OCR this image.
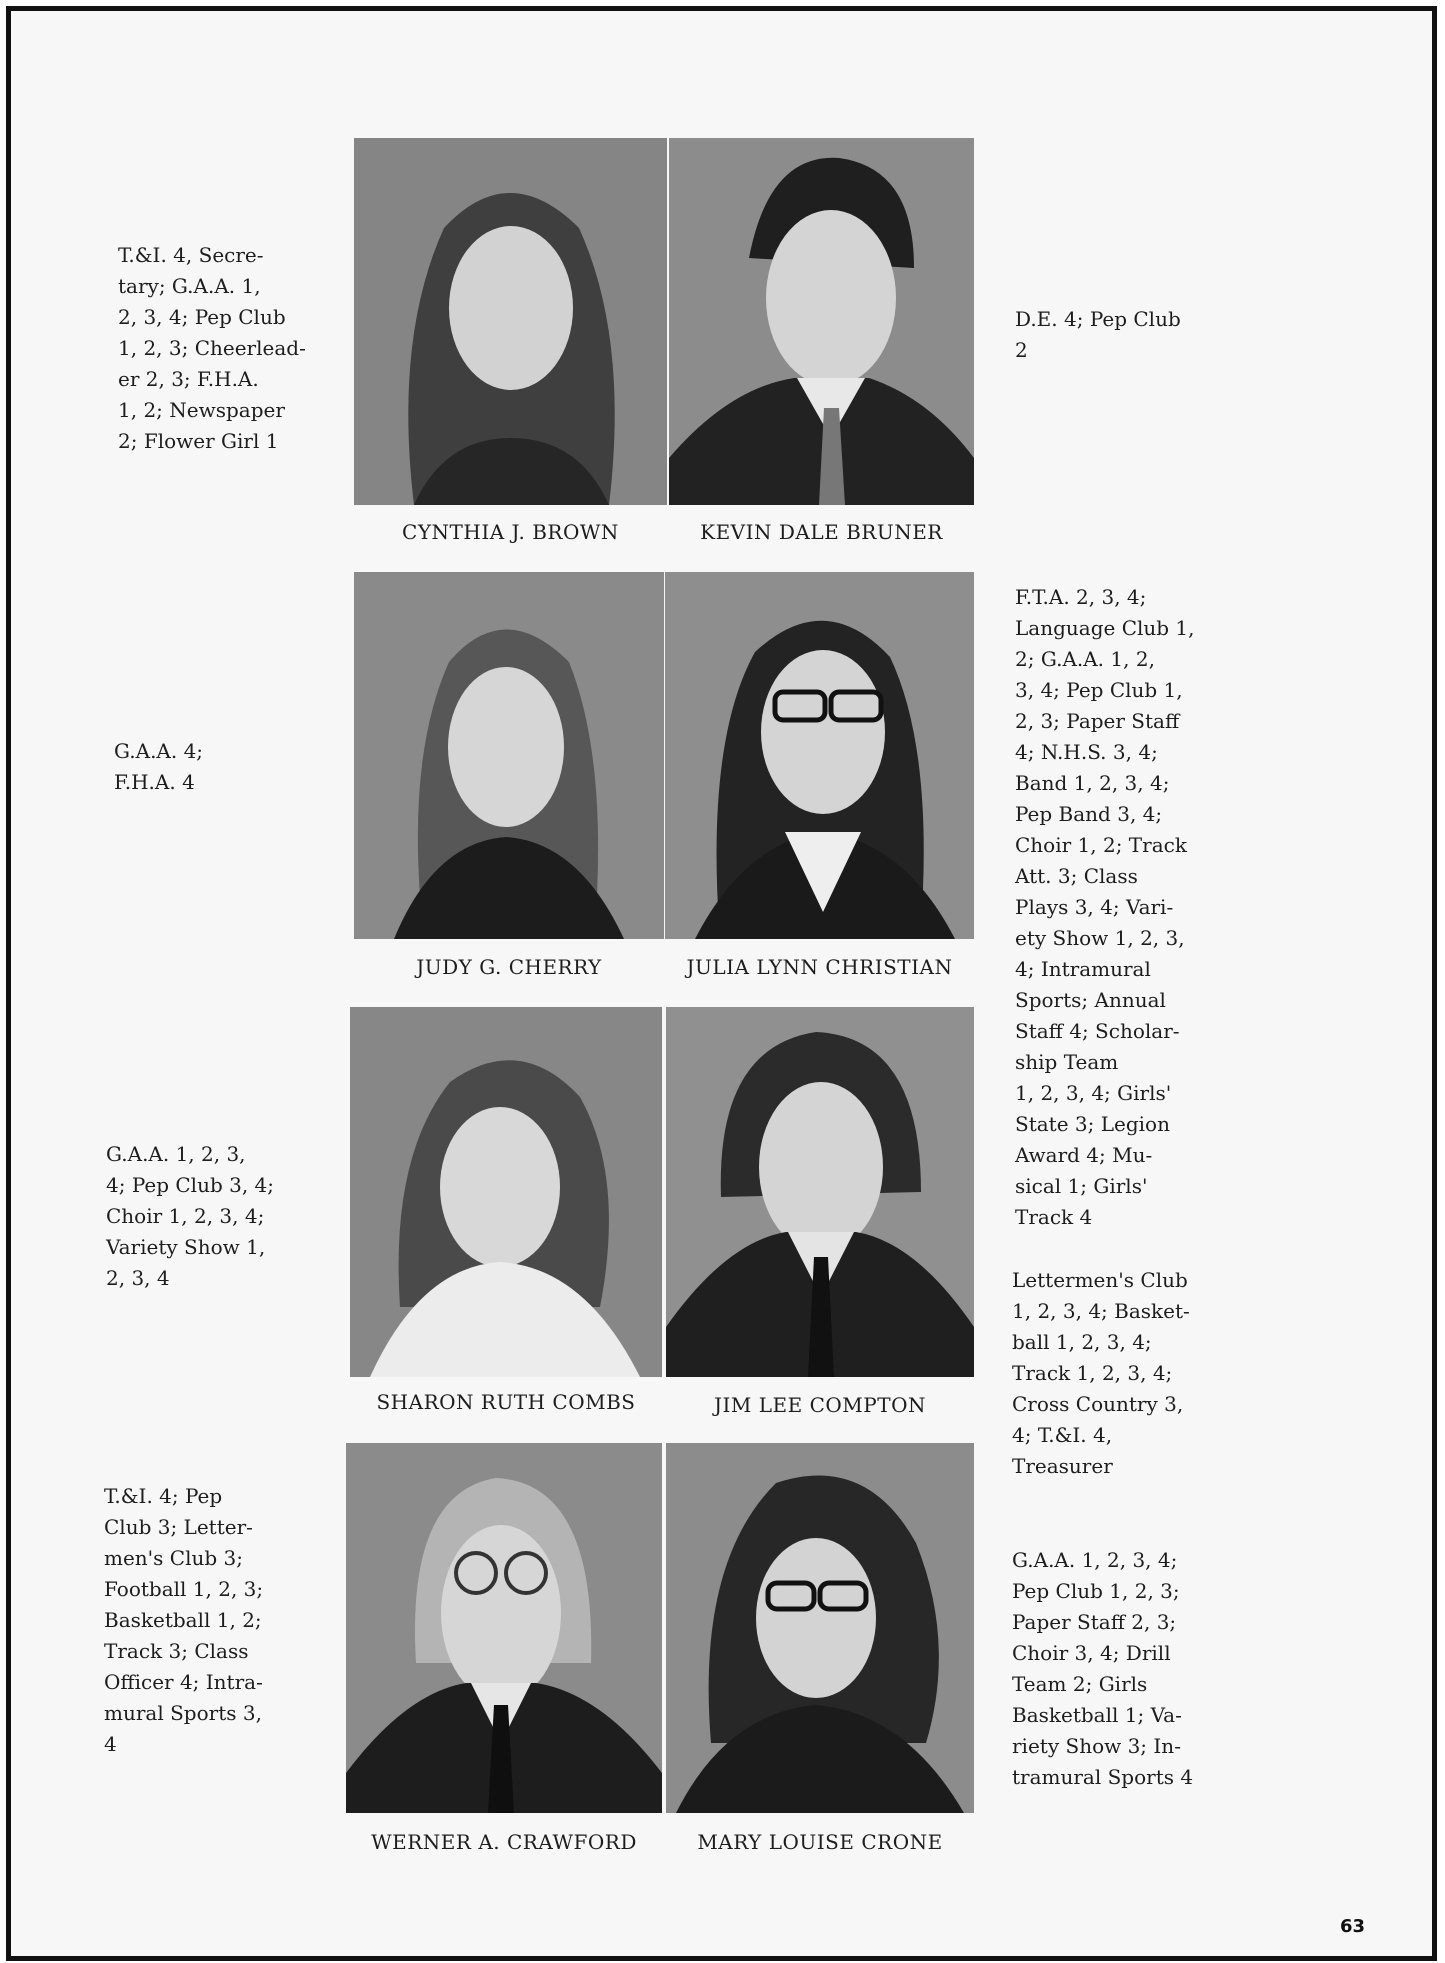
CYNTHIA J. BROWN	KEVIN DALE BRUNER
T.&I. 4, Secre-
tary; G.A.A. 1,
2, 3, 4; Pep Club
1, 2, 3; Cheerlead-
er 2, 3; F.H.A.
1, 2; Newspaper
2; Flower Girl 1
D.E. 4; Pep Club
2
JUDY G. CHERRY	JULIA LYNN CHRISTIAN
G.A.A. 4;
F.H.A. 4
F.T.A. 2, 3, 4;
Language Club 1,
2; G.A.A. 1, 2,
3, 4; Pep Club 1,
2, 3; Paper Staff
4; N.H.S. 3, 4;
Band 1, 2, 3, 4;
Pep Band 3, 4;
Choir 1, 2; Track
Att. 3; Class
Plays 3, 4; Vari-
ety Show 1, 2, 3,
4; Intramural
Sports; Annual
Staff 4; Scholar-
ship Team
1, 2, 3, 4; Girls'
State 3; Legion
Award 4; Mu-
sical 1; Girls'
Track 4
SHARON RUTH COMBS	JIM LEE COMPTON
G.A.A. 1, 2, 3,
4; Pep Club 3, 4;
Choir 1, 2, 3, 4;
Variety Show 1,
2, 3, 4	Lettermen's Club
1, 2, 3, 4; Basket-
ball 1, 2, 3, 4;
Track 1, 2, 3, 4;
Cross Country 3,
4; T.&I. 4,
Treasurer
WERNER A. CRAWFORD	MARY LOUISE CRONE
T.&I. 4; Pep
Club 3; Letter-
men's Club 3;
Football 1, 2, 3;
Basketball 1, 2;
Track 3; Class
Officer 4; Intra-
mural Sports 3,
4
G.A.A. 1, 2, 3, 4;
Pep Club 1, 2, 3;
Paper Staff 2, 3;
Choir 3, 4; Drill
Team 2; Girls
Basketball 1; Va-
riety Show 3; In-
tramural Sports 4
63
